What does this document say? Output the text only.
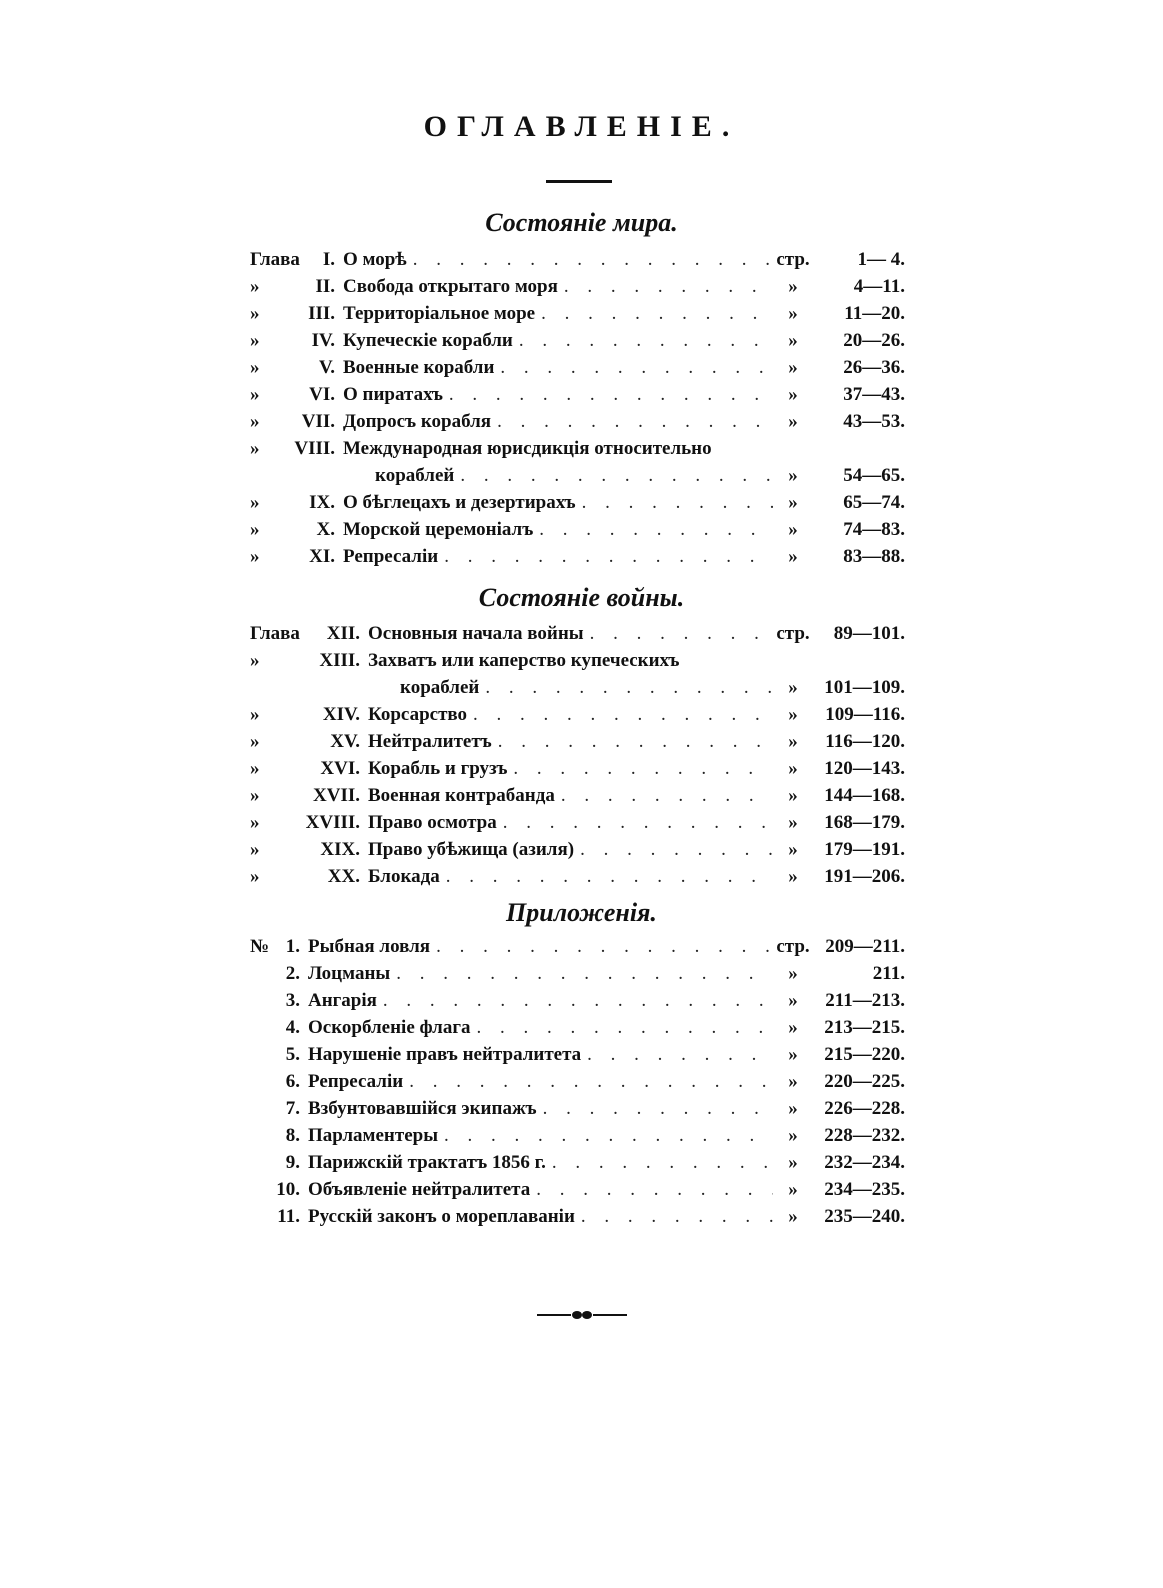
ОГЛАВЛЕНІЕ.
Состояніе мира.
Глава I. О морѣ . . .	стр.	1— 4.
»	II. Свобода открытаго моря . . .	»	4—11.
»	III. Территоріальное море . . .	»	11—20.
»	IV. Купеческіе корабли . . .	»	20—26.
»	V. Военные корабли . . .	»	26—36.
»	VI. О пиратахъ . . .	»	37—43.
» VII. Допросъ корабля . . .	»	43—53.
» VIII. Международная юрисдикція относительно
кораблей . . .	»	54—65.
»	IX. О бѣглецахъ и дезертирахъ . . .	»	65—74.
»	X. Морской церемоніалъ . . .	»	74—83.
»	XI. Репресаліи . . .	»	83—88.
Состояніе войны.
Глава XII. Основныя начала войны . . .	стр.	89—101.
»	XIII. Захватъ или каперство купеческихъ
кораблей . . .	»	101—109.
»	XIV. Корсарство . . .	»	109—116.
»	XV. Нейтралитетъ . . .	»	116—120.
»	XVI. Корабль и грузъ . . .	»	120—143.
»	XVII. Военная контрабанда . . .	»	144—168.
» XVIII. Право осмотра . . .	»	168—179.
»	XIX. Право убѣжища (азиля) . . .	»	179—191.
»	XX. Блокада . . .	»	191—206.
Приложенія.
№ 1. Рыбная ловля . . .	стр. 209—211.
2. Лоцманы . . .	»	211.
3. Ангарія . . .	»	211—213.
4. Оскорбленіе флага . . .	»	213—215.
5. Нарушеніе правъ нейтралитета . . .	»	215—220.
6. Репресаліи . . .	»	220—225.
7. Взбунтовавшійся экипажъ . . .	»	226—228.
8. Парламентеры . . .	»	228—232.
9. Парижскій трактатъ 1856 г. . . .	»	232—234.
10. Объявленіе нейтралитета . . .	»	234—235.
11. Русскій законъ о мореплаваніи . . .	»	235—240.
